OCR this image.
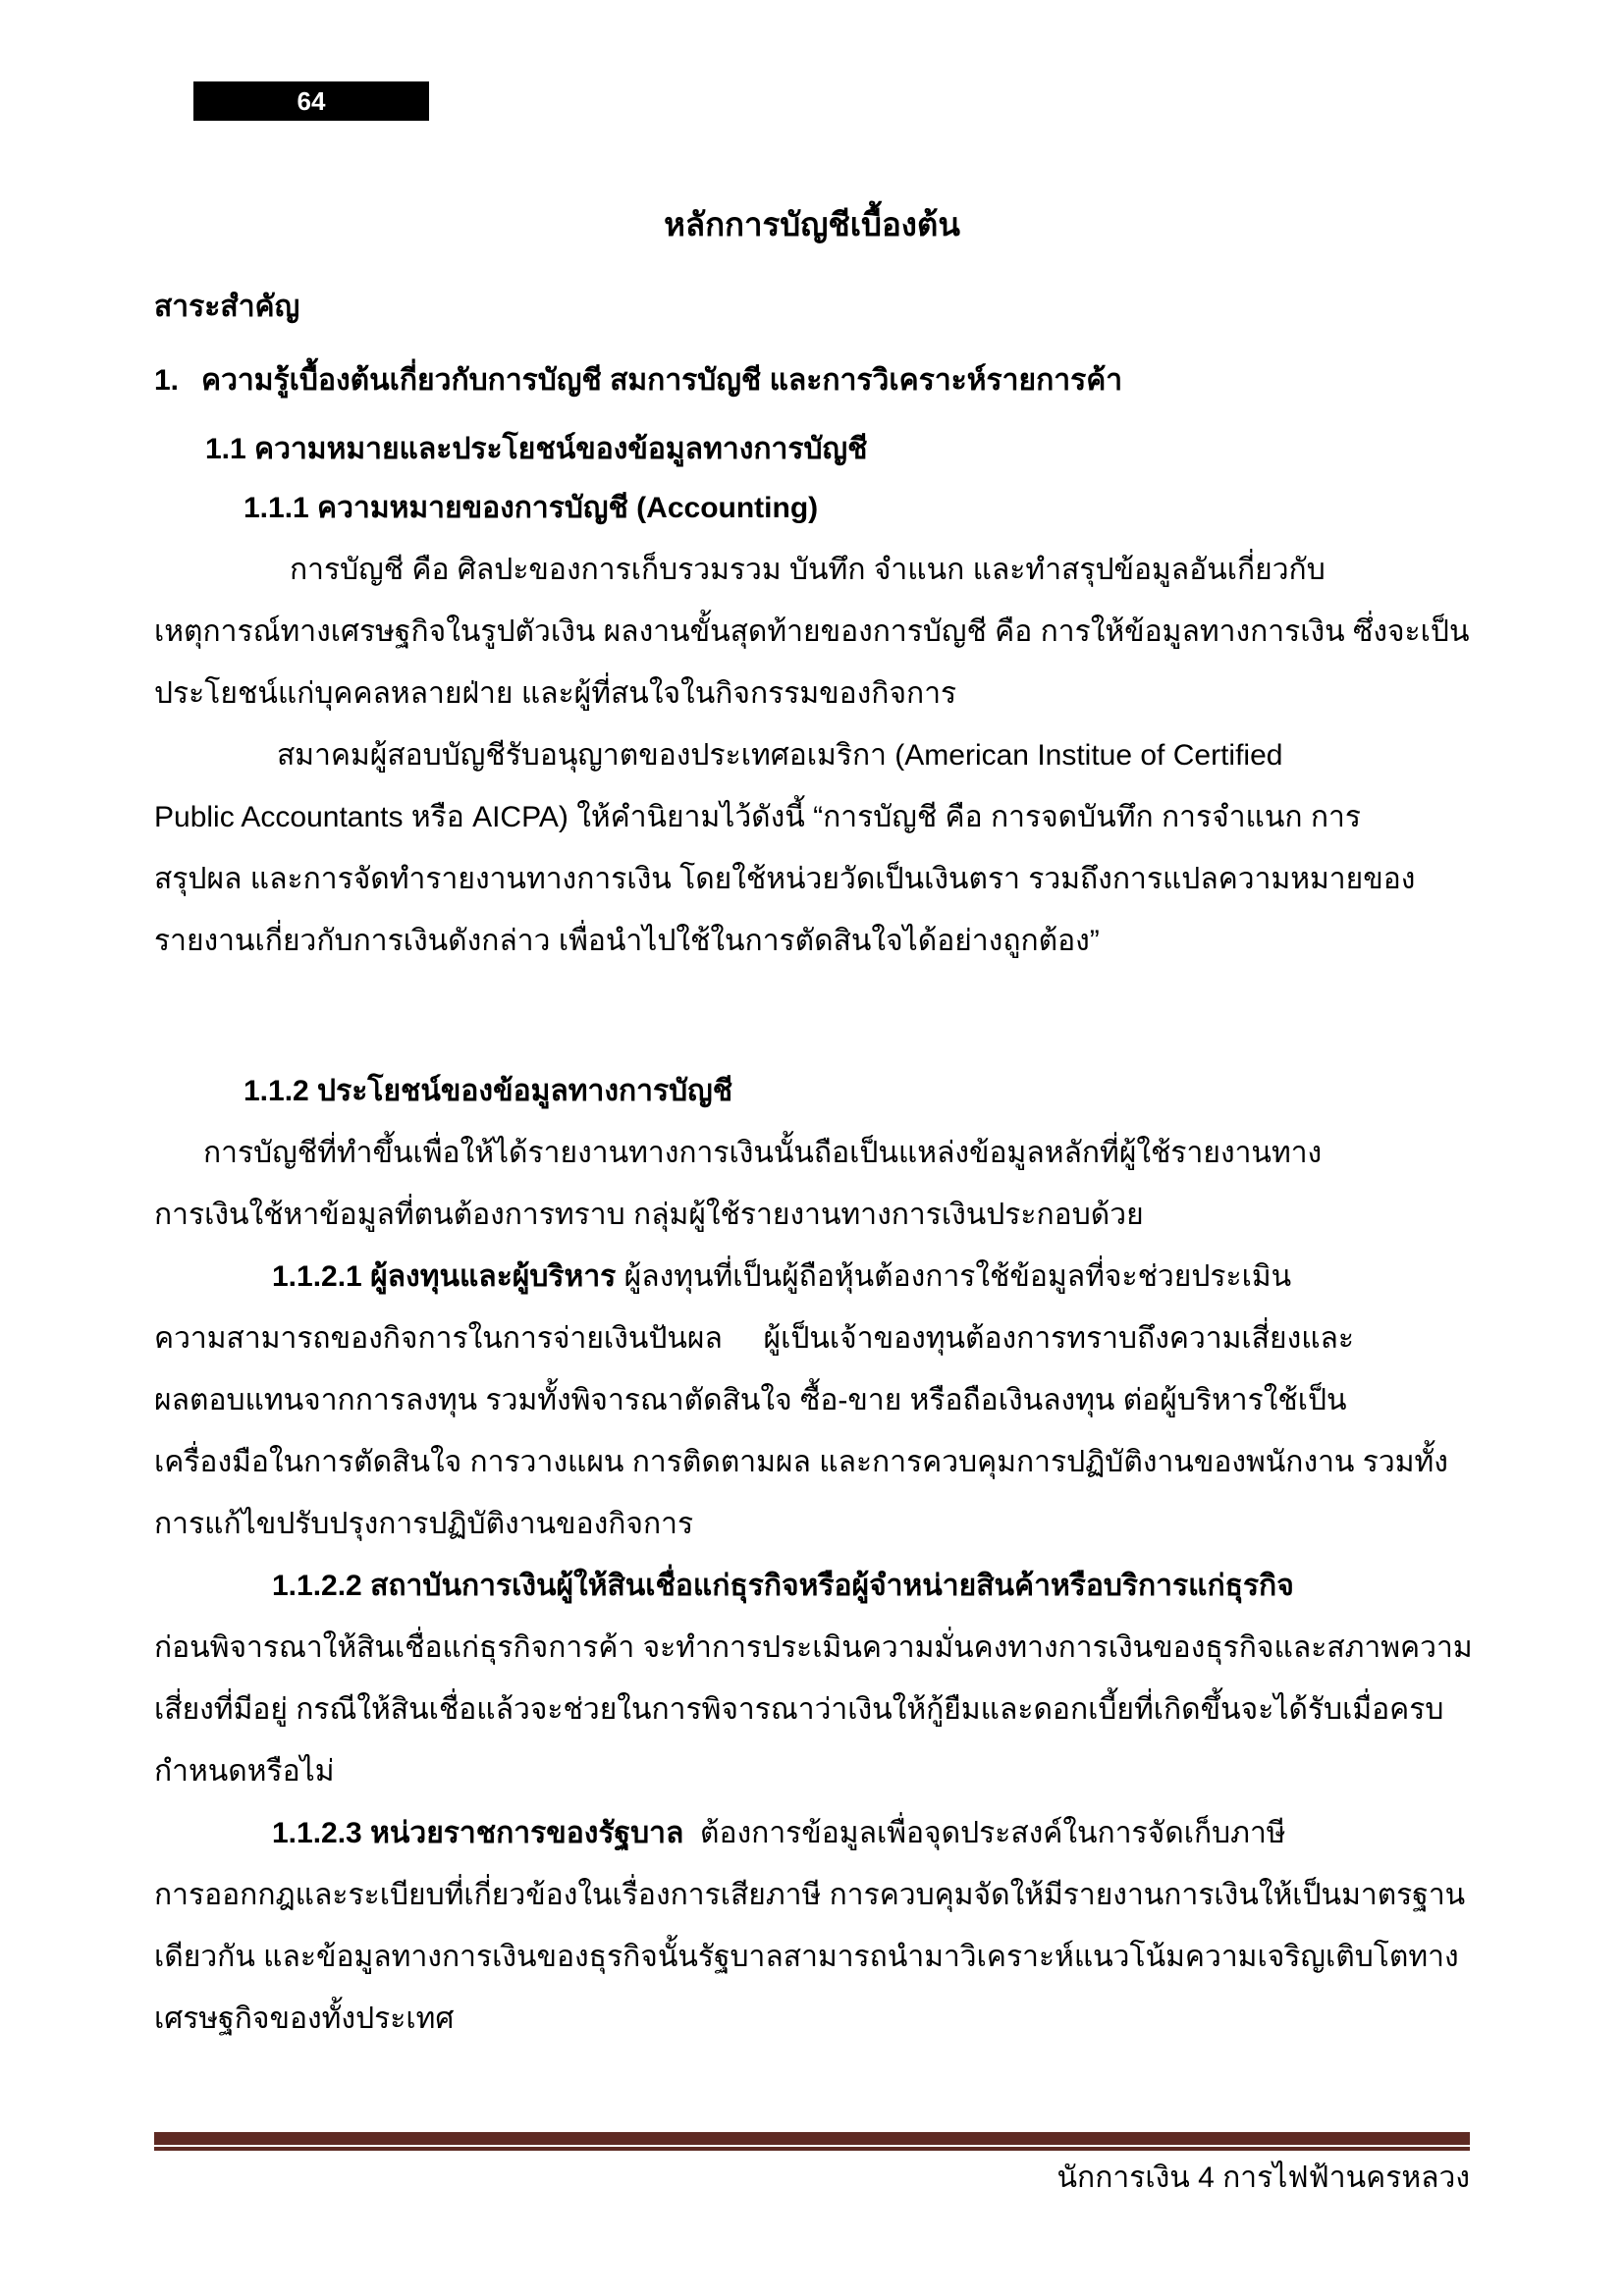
64
หลักการบัญชีเบื้องต้น
สาระสำคัญ
1. ความรู้เบื้องต้นเกี่ยวกับการบัญชี สมการบัญชี และการวิเคราะห์รายการค้า
1.1 ความหมายและประโยชน์ของข้อมูลทางการบัญชี
1.1.1 ความหมายของการบัญชี (Accounting)
การบัญชี คือ ศิลปะของการเก็บรวมรวม บันทึก จำแนก และทำสรุปข้อมูลอันเกี่ยวกับ
เหตุการณ์ทางเศรษฐกิจในรูปตัวเงิน ผลงานขั้นสุดท้ายของการบัญชี คือ การให้ข้อมูลทางการเงิน ซึ่งจะเป็น
ประโยชน์แก่บุคคลหลายฝ่าย และผู้ที่สนใจในกิจกรรมของกิจการ
สมาคมผู้สอบบัญชีรับอนุญาตของประเทศอเมริกา (American Institue of Certified
Public Accountants หรือ AICPA) ให้คำนิยามไว้ดังนี้ “การบัญชี คือ การจดบันทึก การจำแนก การ
สรุปผล และการจัดทำรายงานทางการเงิน โดยใช้หน่วยวัดเป็นเงินตรา รวมถึงการแปลความหมายของ
รายงานเกี่ยวกับการเงินดังกล่าว เพื่อนำไปใช้ในการตัดสินใจได้อย่างถูกต้อง”
1.1.2 ประโยชน์ของข้อมูลทางการบัญชี
การบัญชีที่ทำขึ้นเพื่อให้ได้รายงานทางการเงินนั้นถือเป็นแหล่งข้อมูลหลักที่ผู้ใช้รายงานทาง
การเงินใช้หาข้อมูลที่ตนต้องการทราบ กลุ่มผู้ใช้รายงานทางการเงินประกอบด้วย
1.1.2.1 ผู้ลงทุนและผู้บริหาร ผู้ลงทุนที่เป็นผู้ถือหุ้นต้องการใช้ข้อมูลที่จะช่วยประเมิน
ความสามารถของกิจการในการจ่ายเงินปันผล     ผู้เป็นเจ้าของทุนต้องการทราบถึงความเสี่ยงและ
ผลตอบแทนจากการลงทุน รวมทั้งพิจารณาตัดสินใจ ซื้อ-ขาย หรือถือเงินลงทุน ต่อผู้บริหารใช้เป็น
เครื่องมือในการตัดสินใจ การวางแผน การติดตามผล และการควบคุมการปฏิบัติงานของพนักงาน รวมทั้ง
การแก้ไขปรับปรุงการปฏิบัติงานของกิจการ
1.1.2.2 สถาบันการเงินผู้ให้สินเชื่อแก่ธุรกิจหรือผู้จำหน่ายสินค้าหรือบริการแก่ธุรกิจ
ก่อนพิจารณาให้สินเชื่อแก่ธุรกิจการค้า จะทำการประเมินความมั่นคงทางการเงินของธุรกิจและสภาพความ
เสี่ยงที่มีอยู่ กรณีให้สินเชื่อแล้วจะช่วยในการพิจารณาว่าเงินให้กู้ยืมและดอกเบี้ยที่เกิดขึ้นจะได้รับเมื่อครบ
กำหนดหรือไม่
1.1.2.3 หน่วยราชการของรัฐบาล  ต้องการข้อมูลเพื่อจุดประสงค์ในการจัดเก็บภาษี
การออกกฎและระเบียบที่เกี่ยวข้องในเรื่องการเสียภาษี การควบคุมจัดให้มีรายงานการเงินให้เป็นมาตรฐาน
เดียวกัน และข้อมูลทางการเงินของธุรกิจนั้นรัฐบาลสามารถนำมาวิเคราะห์แนวโน้มความเจริญเติบโตทาง
เศรษฐกิจของทั้งประเทศ
นักการเงิน 4 การไฟฟ้านครหลวง
